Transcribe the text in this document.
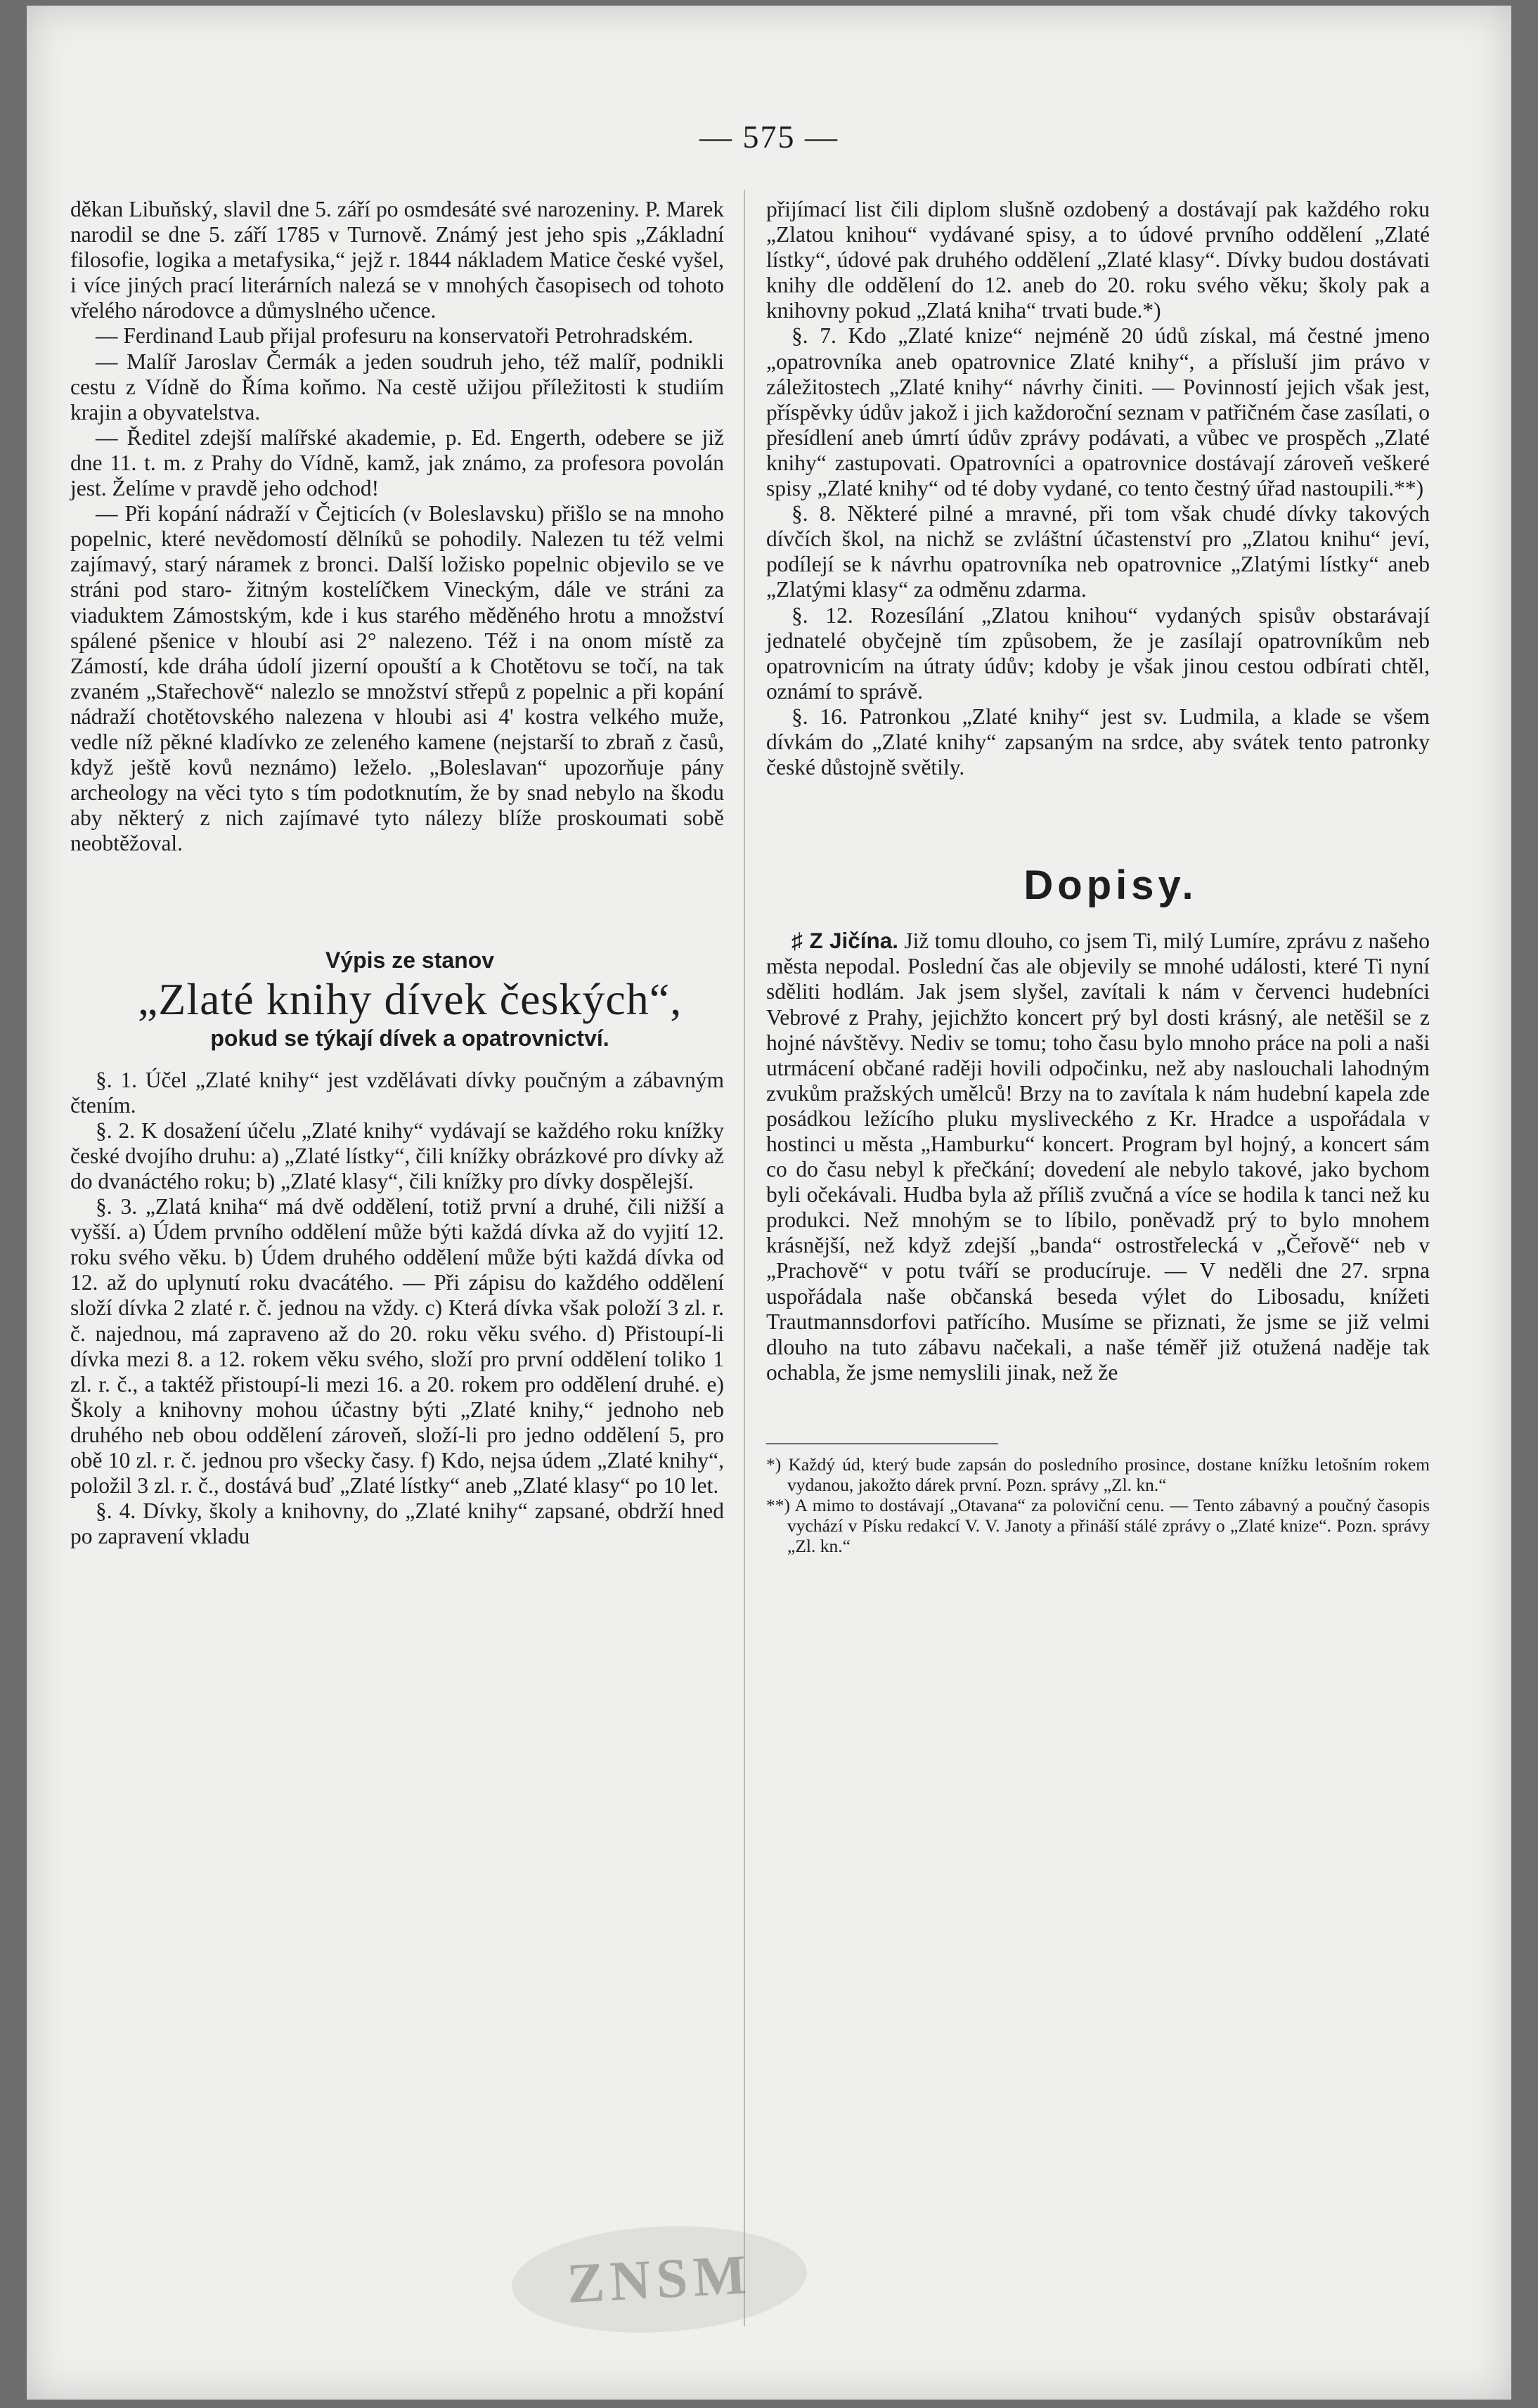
— 575 —

děkan Libuňský, slavil dne 5. září po osmdesáté své narozeniny. P. Marek narodil se dne 5. září 1785 v Turnově. Známý jest jeho spis „Základní filosofie, logika a metafysika,“ jejž r. 1844 nákladem Matice české vyšel, i více jiných prací literárních nalezá se v mnohých časopisech od tohoto vřelého národovce a důmyslného učence.

— Ferdinand Laub přijal profesuru na konservatoři Petrohradském.

— Malíř Jaroslav Čermák a jeden soudruh jeho, též malíř, podnikli cestu z Vídně do Říma koňmo. Na cestě užijou příležitosti k studiím krajin a obyvatelstva.

— Ředitel zdejší malířské akademie, p. Ed. Engerth, odebere se již dne 11. t. m. z Prahy do Vídně, kamž, jak známo, za profesora povolán jest. Želíme v pravdě jeho odchod!

— Při kopání nádraží v Čejticích (v Boleslavsku) přišlo se na mnoho popelnic, které nevědomostí dělníků se pohodily. Nalezen tu též velmi zajímavý, starý náramek z bronci. Další ložisko popelnic objevilo se ve stráni pod staro- žitným kostelíčkem Vineckým, dále ve stráni za viaduktem Zámostským, kde i kus starého měděného hrotu a množství spálené pšenice v hloubí asi 2° nalezeno. Též i na onom místě za Zámostí, kde dráha údolí jizerní opouští a k Chotětovu se točí, na tak zvaném „Stařechově“ nalezlo se množství střepů z popelnic a při kopání nádraží chotětovského nalezena v hloubi asi 4' kostra velkého muže, vedle níž pěkné kladívko ze zeleného kamene (nejstarší to zbraň z časů, když ještě kovů neznámo) leželo. „Boleslavan“ upozorňuje pány archeology na věci tyto s tím podotknutím, že by snad nebylo na škodu aby některý z nich zajímavé tyto nálezy blíže proskoumati sobě neobtěžoval.

Výpis ze stanov

„Zlaté knihy dívek českých“,

pokud se týkají dívek a opatrovnictví.

§. 1. Účel „Zlaté knihy“ jest vzdělávati dívky poučným a zábavným čtením.

§. 2. K dosažení účelu „Zlaté knihy“ vydávají se každého roku knížky české dvojího druhu: a) „Zlaté lístky“, čili knížky obrázkové pro dívky až do dvanáctého roku; b) „Zlaté klasy“, čili knížky pro dívky dospělejší.

§. 3. „Zlatá kniha“ má dvě oddělení, totiž první a druhé, čili nižší a vyšší. a) Údem prvního oddělení může býti každá dívka až do vyjití 12. roku svého věku. b) Údem druhého oddělení může býti každá dívka od 12. až do uplynutí roku dvacátého. — Při zápisu do každého oddělení složí dívka 2 zlaté r. č. jednou na vždy. c) Která dívka však položí 3 zl. r. č. najednou, má zapraveno až do 20. roku věku svého. d) Přistoupí-li dívka mezi 8. a 12. rokem věku svého, složí pro první oddělení toliko 1 zl. r. č., a taktéž přistoupí-li mezi 16. a 20. rokem pro oddělení druhé. e) Školy a knihovny mohou účastny býti „Zlaté knihy,“ jednoho neb druhého neb obou oddělení zároveň, složí-li pro jedno oddělení 5, pro obě 10 zl. r. č. jednou pro všecky časy. f) Kdo, nejsa údem „Zlaté knihy“, položil 3 zl. r. č., dostává buď „Zlaté lístky“ aneb „Zlaté klasy“ po 10 let.

§. 4. Dívky, školy a knihovny, do „Zlaté knihy“ zapsané, obdrží hned po zapravení vkladu

přijímací list čili diplom slušně ozdobený a dostávají pak každého roku „Zlatou knihou“ vydávané spisy, a to údové prvního oddělení „Zlaté lístky“, údové pak druhého oddělení „Zlaté klasy“. Dívky budou dostávati knihy dle oddělení do 12. aneb do 20. roku svého věku; školy pak a knihovny pokud „Zlatá kniha“ trvati bude.*)

§. 7. Kdo „Zlaté knize“ nejméně 20 údů získal, má čestné jmeno „opatrovníka aneb opatrovnice Zlaté knihy“, a přísluší jim právo v záležitostech „Zlaté knihy“ návrhy činiti. — Povinností jejich však jest, příspěvky údův jakož i jich každoroční seznam v patřičném čase zasílati, o přesídlení aneb úmrtí údův zprávy podávati, a vůbec ve prospěch „Zlaté knihy“ zastupovati. Opatrovníci a opatrovnice dostávají zároveň veškeré spisy „Zlaté knihy“ od té doby vydané, co tento čestný úřad nastoupili.**)

§. 8. Některé pilné a mravné, při tom však chudé dívky takových dívčích škol, na nichž se zvláštní účastenství pro „Zlatou knihu“ jeví, podílejí se k návrhu opatrovníka neb opatrovnice „Zlatými lístky“ aneb „Zlatými klasy“ za odměnu zdarma.

§. 12. Rozesílání „Zlatou knihou“ vydaných spisův obstarávají jednatelé obyčejně tím způsobem, že je zasílají opatrovníkům neb opatrovnicím na útraty údův; kdoby je však jinou cestou odbírati chtěl, oznámí to správě.

§. 16. Patronkou „Zlaté knihy“ jest sv. Ludmila, a klade se všem dívkám do „Zlaté knihy“ zapsaným na srdce, aby svátek tento patronky české důstojně světily.

Dopisy.

♯ Z Jičína. Již tomu dlouho, co jsem Ti, milý Lumíre, zprávu z našeho města nepodal. Poslední čas ale objevily se mnohé události, které Ti nyní sděliti hodlám. Jak jsem slyšel, zavítali k nám v červenci hudebníci Vebrové z Prahy, jejichžto koncert prý byl dosti krásný, ale netěšil se z hojné návštěvy. Nediv se tomu; toho času bylo mnoho práce na poli a naši utrmácení občané raději hovili odpočinku, než aby naslouchali lahodným zvukům pražských umělců! Brzy na to zavítala k nám hudební kapela zde posádkou ležícího pluku mysliveckého z Kr. Hradce a uspořádala v hostinci u města „Hamburku“ koncert. Program byl hojný, a koncert sám co do času nebyl k přečkání; dovedení ale nebylo takové, jako bychom byli očekávali. Hudba byla až příliš zvučná a více se hodila k tanci než ku produkci. Než mnohým se to líbilo, poněvadž prý to bylo mnohem krásnější, než když zdejší „banda“ ostrostřelecká v „Čeřově“ neb v „Prachově“ v potu tváří se producíruje. — V neděli dne 27. srpna uspořádala naše občanská beseda výlet do Libosadu, knížeti Trautmannsdorfovi patřícího. Musíme se přiznati, že jsme se již velmi dlouho na tuto zábavu načekali, a naše téměř již otužená naděje tak ochabla, že jsme nemyslili jinak, než že

*) Každý úd, který bude zapsán do posledního prosince, dostane knížku letošním rokem vydanou, jakožto dárek první. Pozn. správy „Zl. kn.“

**) A mimo to dostávají „Otavana“ za poloviční cenu. — Tento zábavný a poučný časopis vychází v Písku redakcí V. V. Janoty a přináší stálé zprávy o „Zlaté knize“. Pozn. správy „Zl. kn.“

ZNSM
